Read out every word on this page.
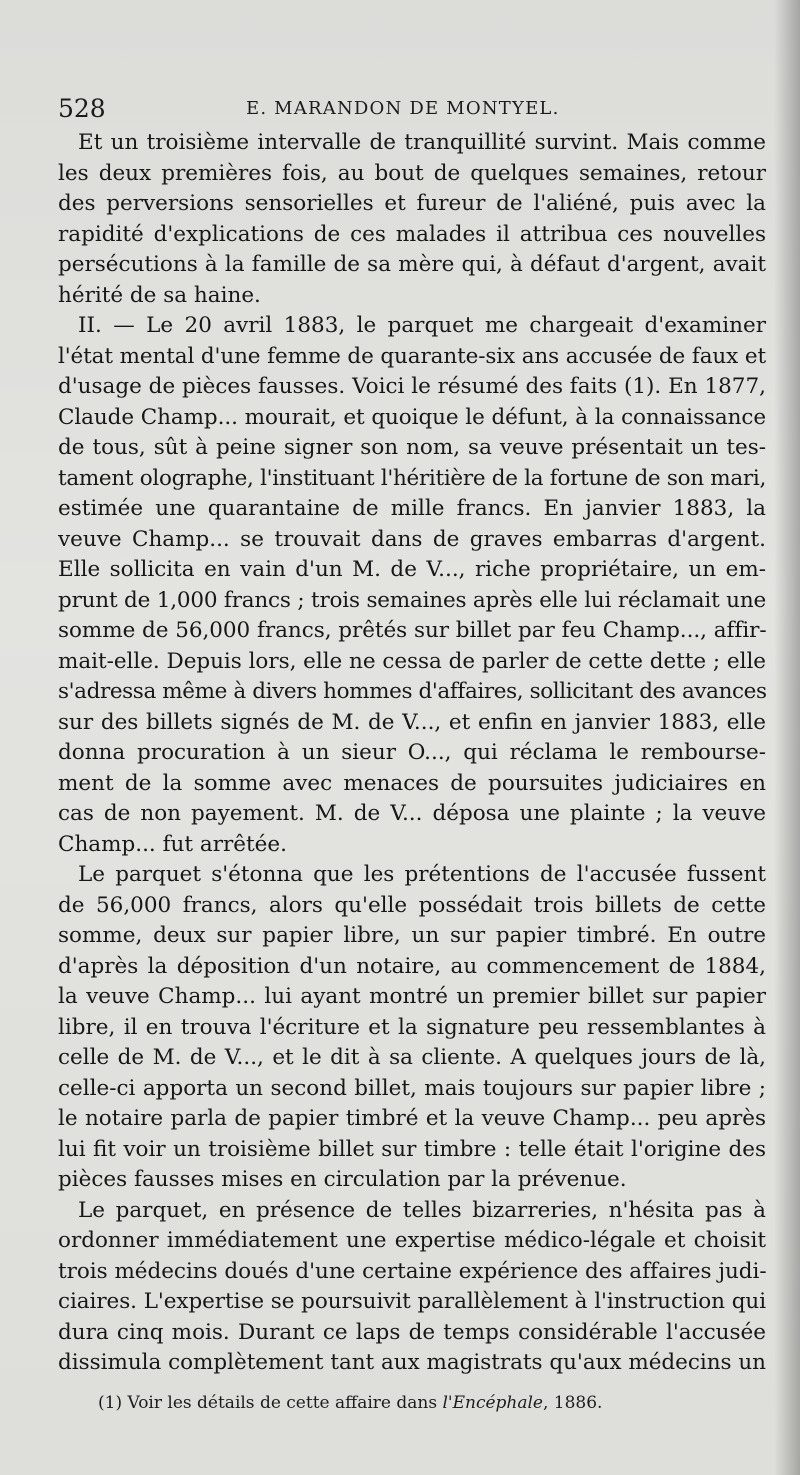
528	E. MARANDON DE MONTYEL.

Et un troisième intervalle de tranquillité survint. Mais comme
les deux premières fois, au bout de quelques semaines, retour
des perversions sensorielles et fureur de l'aliéné, puis avec la
rapidité d'explications de ces malades il attribua ces nouvelles
persécutions à la famille de sa mère qui, à défaut d'argent, avait
hérité de sa haine.

II. — Le 20 avril 1883, le parquet me chargeait d'examiner
l'état mental d'une femme de quarante-six ans accusée de faux et
d'usage de pièces fausses. Voici le résumé des faits (1). En 1877,
Claude Champ... mourait, et quoique le défunt, à la connaissance
de tous, sût à peine signer son nom, sa veuve présentait un tes-
tament olographe, l'instituant l'héritière de la fortune de son mari,
estimée une quarantaine de mille francs. En janvier 1883, la
veuve Champ... se trouvait dans de graves embarras d'argent.
Elle sollicita en vain d'un M. de V..., riche propriétaire, un em-
prunt de 1,000 francs ; trois semaines après elle lui réclamait une
somme de 56,000 francs, prêtés sur billet par feu Champ..., affir-
mait-elle. Depuis lors, elle ne cessa de parler de cette dette ; elle
s'adressa même à divers hommes d'affaires, sollicitant des avances
sur des billets signés de M. de V..., et enfin en janvier 1883, elle
donna procuration à un sieur O..., qui réclama le rembourse-
ment de la somme avec menaces de poursuites judiciaires en
cas de non payement. M. de V... déposa une plainte ; la veuve
Champ... fut arrêtée.

Le parquet s'étonna que les prétentions de l'accusée fussent
de 56,000 francs, alors qu'elle possédait trois billets de cette
somme, deux sur papier libre, un sur papier timbré. En outre
d'après la déposition d'un notaire, au commencement de 1884,
la veuve Champ... lui ayant montré un premier billet sur papier
libre, il en trouva l'écriture et la signature peu ressemblantes à
celle de M. de V..., et le dit à sa cliente. A quelques jours de là,
celle-ci apporta un second billet, mais toujours sur papier libre ;
le notaire parla de papier timbré et la veuve Champ... peu après
lui fit voir un troisième billet sur timbre : telle était l'origine des
pièces fausses mises en circulation par la prévenue.

Le parquet, en présence de telles bizarreries, n'hésita pas à
ordonner immédiatement une expertise médico-légale et choisit
trois médecins doués d'une certaine expérience des affaires judi-
ciaires. L'expertise se poursuivit parallèlement à l'instruction qui
dura cinq mois. Durant ce laps de temps considérable l'accusée
dissimula complètement tant aux magistrats qu'aux médecins un

(1) Voir les détails de cette affaire dans l'Encéphale, 1886.
